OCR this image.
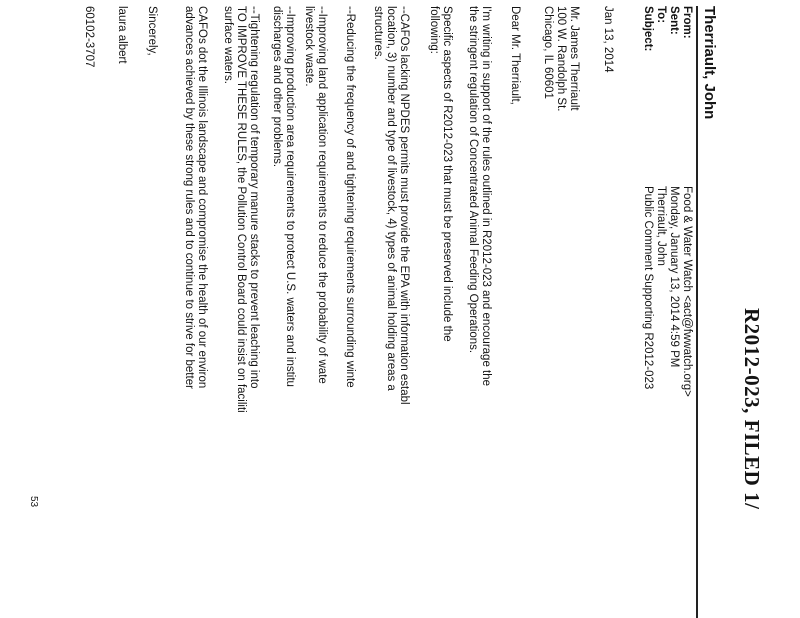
R2012-023, FILED 1/
Therriault, John
From:
Food & Water Watch <act@fwwatch.org>
Sent:
Monday, January 13, 2014 4:59 PM
To:
Therriault, John
Subject:
Public Comment Supporting R2012-023
Jan 13, 2014
Mr. James Therriault
100 W. Randolph St.
Chicago, IL 60601
Dear Mr. Therriault,
I'm writing in support of the rules outlined in R2012-023 and encourage the
the stringent regulation of Concentrated Animal Feeding Operations.
Specific aspects of R2012-023 that must be preserved include the
following:
--CAFOs lacking NPDES permits must provide the EPA with information establ
location, 3) number and type of livestock, 4) types of animal holding areas a
structures.
--Reducing the frequency of and tightening requirements surrounding winte
--Improving land application requirements to reduce the probability of wate
livestock waste.
--Improving production area requirements to protect U.S. waters and institu
discharges and other problems.
--Tightening regulation of temporary manure stacks to prevent leaching into
TO IMPROVE THESE RULES, the Pollution Control Board could insist on faciliti
surface waters.
CAFOs dot the Illinois landscape and compromise the health of our environ
advances achieved by these strong rules and to continue to strive for better
Sincerely,
laura albert
60102-3707
53
